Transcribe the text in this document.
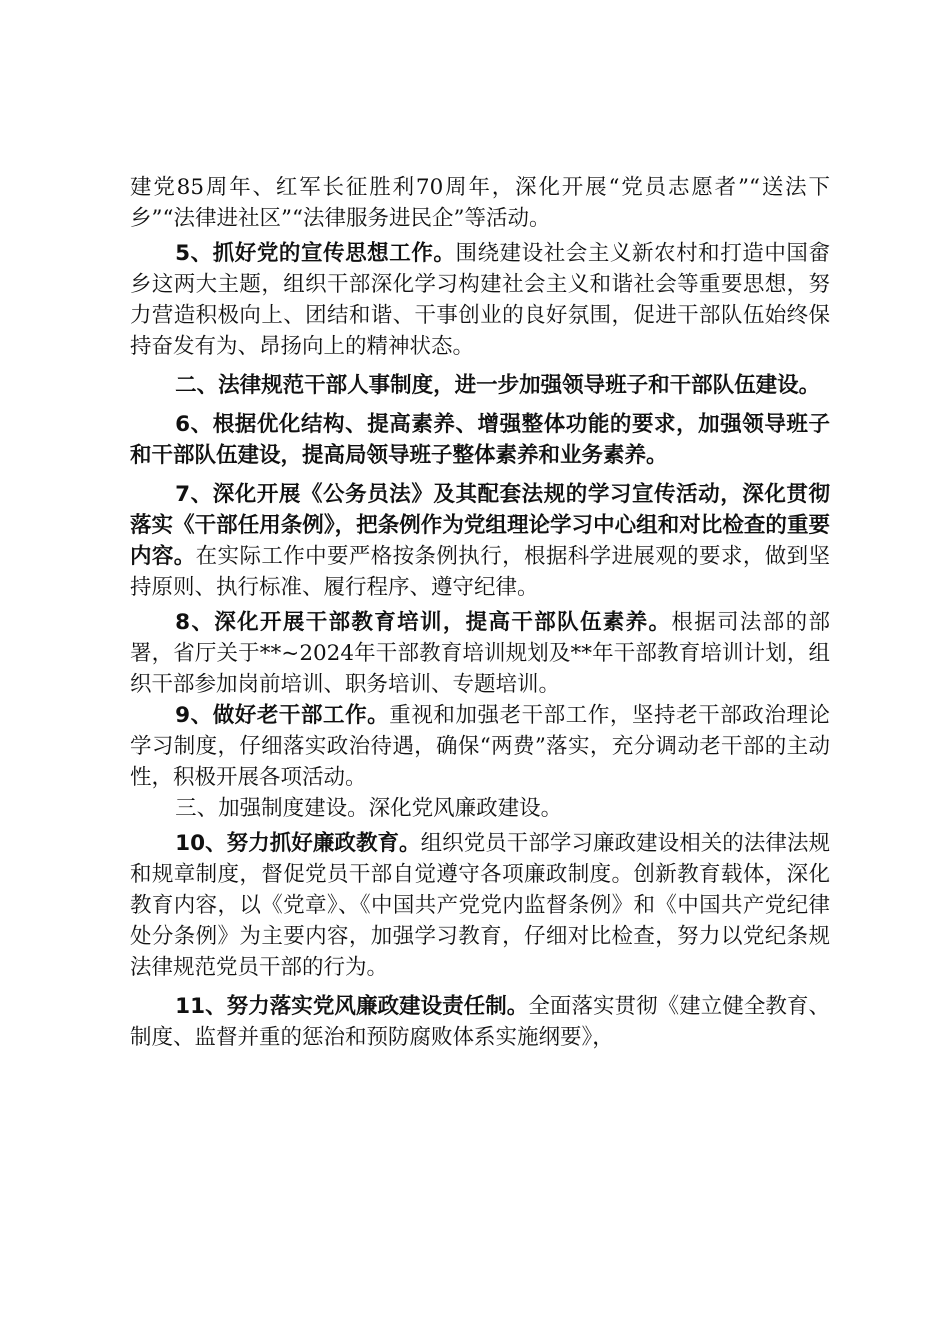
建党85周年、红军长征胜利70周年，深化开展“党员志愿者”“送法下乡”“法律进社区”“法律服务进民企”等活动。

5、抓好党的宣传思想工作。围绕建设社会主义新农村和打造中国畲乡这两大主题，组织干部深化学习构建社会主义和谐社会等重要思想，努力营造积极向上、团结和谐、干事创业的良好氛围，促进干部队伍始终保持奋发有为、昂扬向上的精神状态。

二、法律规范干部人事制度，进一步加强领导班子和干部队伍建设。

6、根据优化结构、提高素养、增强整体功能的要求，加强领导班子和干部队伍建设，提高局领导班子整体素养和业务素养。

7、深化开展《公务员法》及其配套法规的学习宣传活动，深化贯彻落实《干部任用条例》，把条例作为党组理论学习中心组和对比检查的重要内容。在实际工作中要严格按条例执行，根据科学进展观的要求，做到坚持原则、执行标准、履行程序、遵守纪律。

8、深化开展干部教育培训，提高干部队伍素养。根据司法部的部署，省厅关于**~2024年干部教育培训规划及**年干部教育培训计划，组织干部参加岗前培训、职务培训、专题培训。

9、做好老干部工作。重视和加强老干部工作，坚持老干部政治理论学习制度，仔细落实政治待遇，确保“两费”落实，充分调动老干部的主动性，积极开展各项活动。

三、加强制度建设。深化党风廉政建设。

10、努力抓好廉政教育。组织党员干部学习廉政建设相关的法律法规和规章制度，督促党员干部自觉遵守各项廉政制度。创新教育载体，深化教育内容，以《党章》、《中国共产党党内监督条例》和《中国共产党纪律处分条例》为主要内容，加强学习教育，仔细对比检查，努力以党纪条规法律规范党员干部的行为。

11、努力落实党风廉政建设责任制。全面落实贯彻《建立健全教育、制度、监督并重的惩治和预防腐败体系实施纲要》，
